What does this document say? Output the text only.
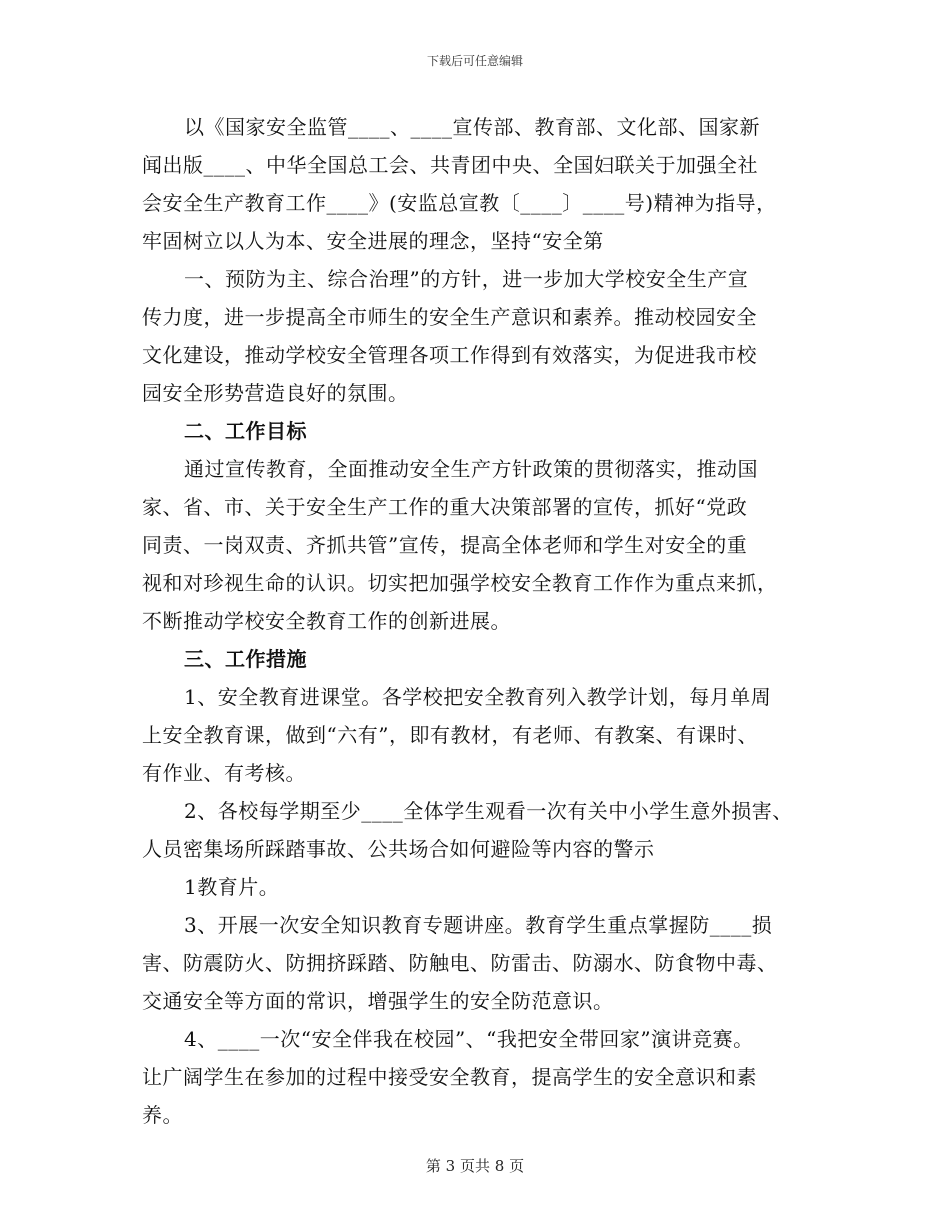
下载后可任意编辑
以《国家安全监管____、____宣传部、教育部、文化部、国家新
闻出版____、中华全国总工会、共青团中央、全国妇联关于加强全社
会安全生产教育工作____》(安监总宣教〔____〕____号)精神为指导，
牢固树立以人为本、安全进展的理念，坚持“安全第
一、预防为主、综合治理”的方针，进一步加大学校安全生产宣
传力度，进一步提高全市师生的安全生产意识和素养。推动校园安全
文化建设，推动学校安全管理各项工作得到有效落实，为促进我市校
园安全形势营造良好的氛围。
二、工作目标
通过宣传教育，全面推动安全生产方针政策的贯彻落实，推动国
家、省、市、关于安全生产工作的重大决策部署的宣传，抓好“党政
同责、一岗双责、齐抓共管”宣传，提高全体老师和学生对安全的重
视和对珍视生命的认识。切实把加强学校安全教育工作作为重点来抓，
不断推动学校安全教育工作的创新进展。
三、工作措施
1、安全教育进课堂。各学校把安全教育列入教学计划，每月单周
上安全教育课，做到“六有”，即有教材，有老师、有教案、有课时、
有作业、有考核。
2、各校每学期至少____全体学生观看一次有关中小学生意外损害、
人员密集场所踩踏事故、公共场合如何避险等内容的警示
1教育片。
3、开展一次安全知识教育专题讲座。教育学生重点掌握防____损
害、防震防火、防拥挤踩踏、防触电、防雷击、防溺水、防食物中毒、
交通安全等方面的常识，增强学生的安全防范意识。
4、____一次“安全伴我在校园”、“我把安全带回家”演讲竞赛。
让广阔学生在参加的过程中接受安全教育，提高学生的安全意识和素
养。
第 3 页共 8 页
